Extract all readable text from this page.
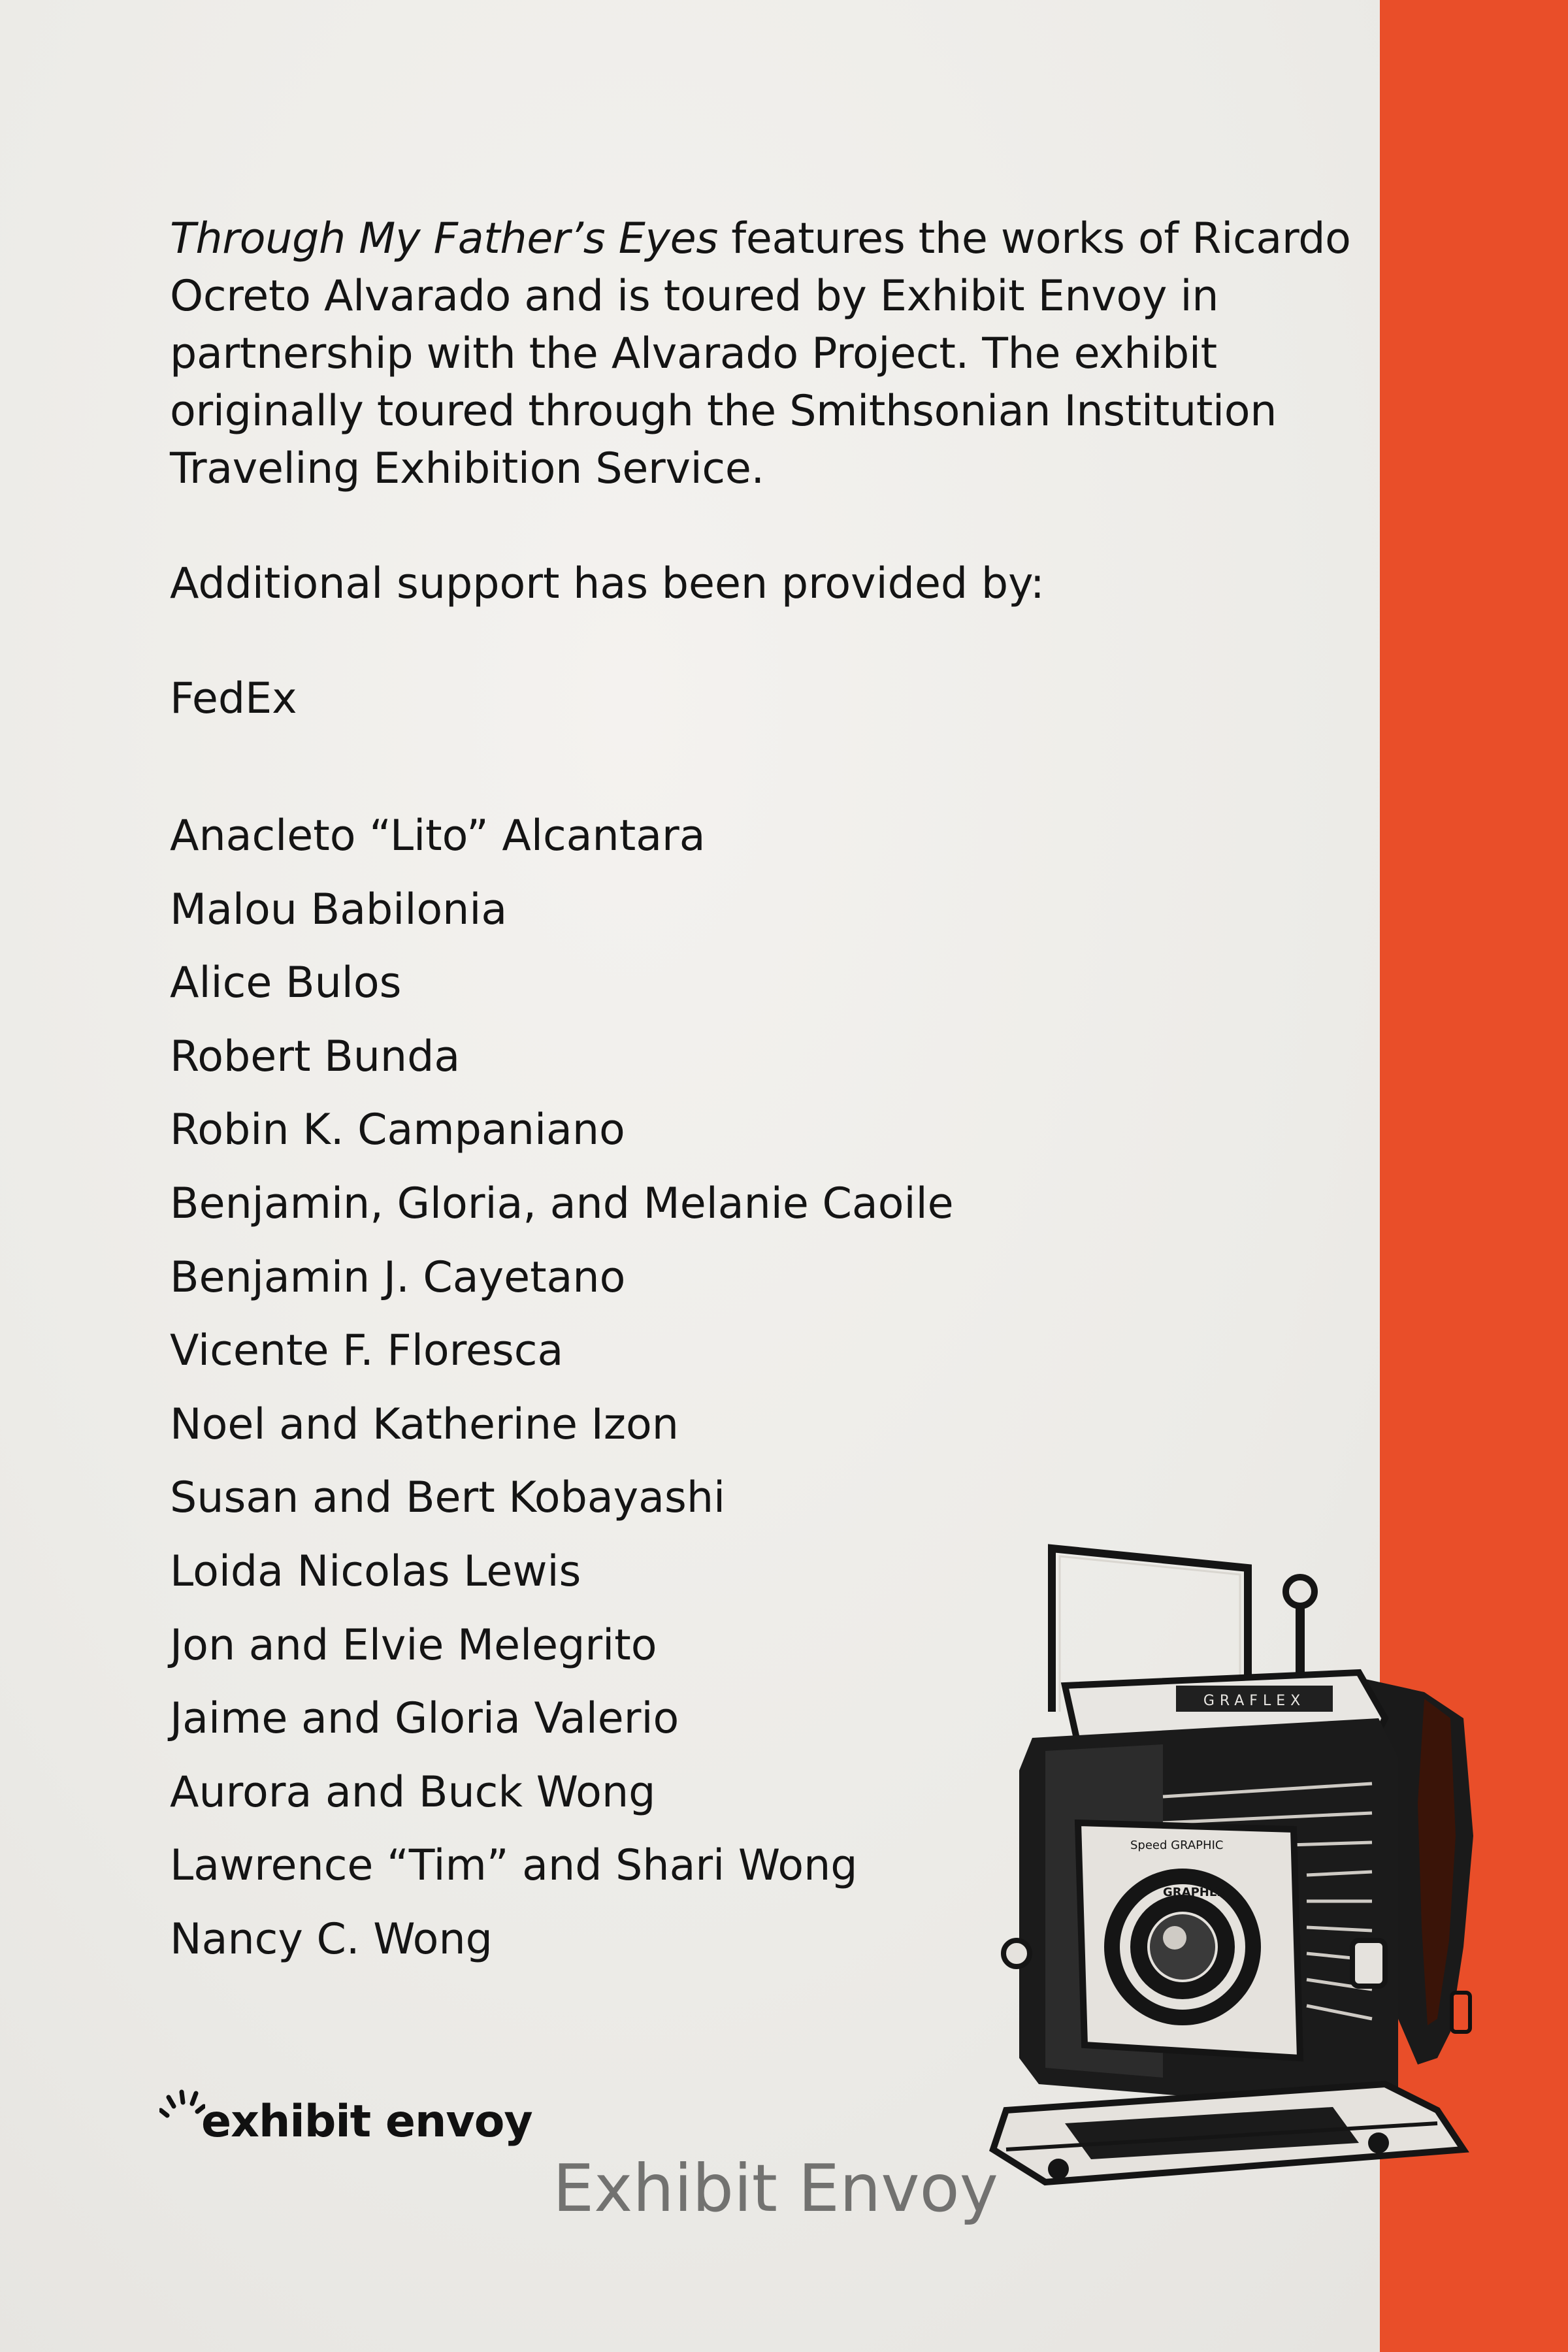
Through My Father’s Eyes features the works of Ricardo Ocreto Alvarado and is toured by Exhibit Envoy in partnership with the Alvarado Project. The exhibit originally toured through the Smithsonian Institution Traveling Exhibition Service.

Additional support has been provided by:

FedEx

Anacleto “Lito” Alcantara
Malou Babilonia
Alice Bulos
Robert Bunda
Robin K. Campaniano
Benjamin, Gloria, and Melanie Caoile
Benjamin J. Cayetano
Vicente F. Floresca
Noel and Katherine Izon
Susan and Bert Kobayashi
Loida Nicolas Lewis
Jon and Elvie Melegrito
Jaime and Gloria Valerio
Aurora and Buck Wong
Lawrence “Tim” and Shari Wong
Nancy C. Wong
exhibit envoy
GRAFLEX
Speed GRAPHIC
GRAPHEX
Exhibit Envoy
